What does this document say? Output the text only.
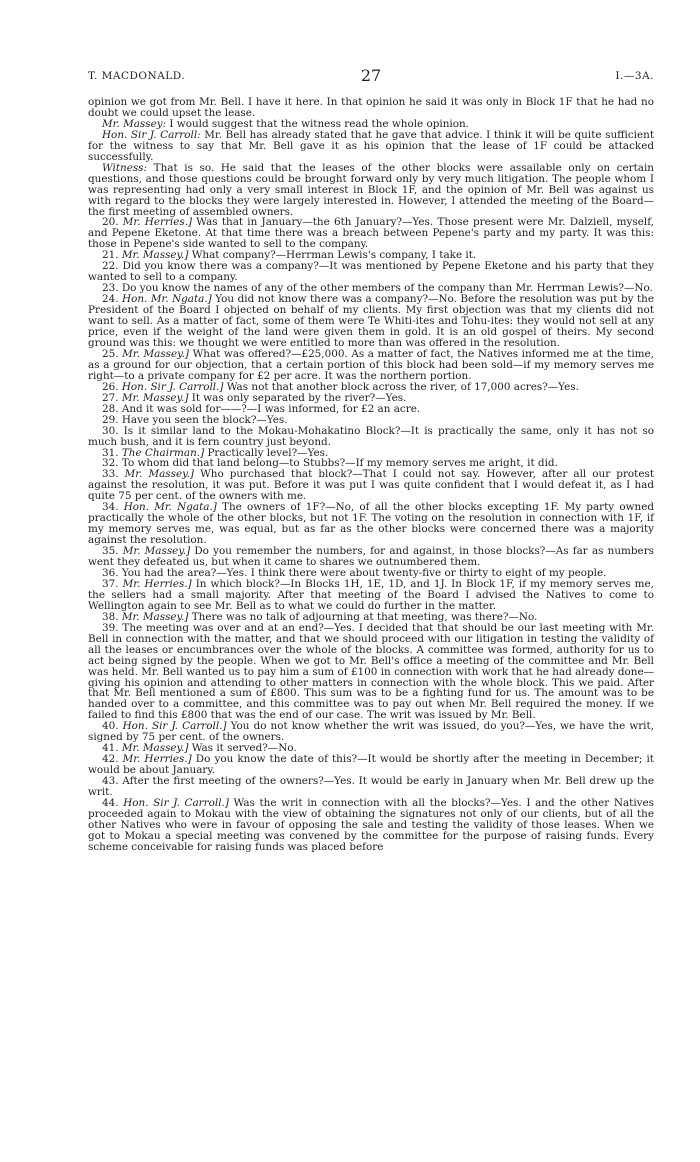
T. MACDONALD.	27	I.—3A.

opinion we got from Mr. Bell. I have it here. In that opinion he said it was only in Block 1F that he had no doubt we could upset the lease.

Mr. Massey: I would suggest that the witness read the whole opinion.

Hon. Sir J. Carroll: Mr. Bell has already stated that he gave that advice. I think it will be quite sufficient for the witness to say that Mr. Bell gave it as his opinion that the lease of 1F could be attacked successfully.

Witness: That is so. He said that the leases of the other blocks were assailable only on certain questions, and those questions could be brought forward only by very much litigation. The people whom I was representing had only a very small interest in Block 1F, and the opinion of Mr. Bell was against us with regard to the blocks they were largely interested in. However, I attended the meeting of the Board—the first meeting of assembled owners.

20. Mr. Herries.] Was that in January—the 6th January?—Yes. Those present were Mr. Dalziell, myself, and Pepene Eketone. At that time there was a breach between Pepene's party and my party. It was this: those in Pepene's side wanted to sell to the company.

21. Mr. Massey.] What company?—Herrman Lewis's company, I take it.

22. Did you know there was a company?—It was mentioned by Pepene Eketone and his party that they wanted to sell to a company.

23. Do you know the names of any of the other members of the company than Mr. Herrman Lewis?—No.

24. Hon. Mr. Ngata.] You did not know there was a company?—No. Before the resolution was put by the President of the Board I objected on behalf of my clients. My first objection was that my clients did not want to sell. As a matter of fact, some of them were Te Whiti-ites and Tohu-ites: they would not sell at any price, even if the weight of the land were given them in gold. It is an old gospel of theirs. My second ground was this: we thought we were entitled to more than was offered in the resolution.

25. Mr. Massey.] What was offered?—£25,000. As a matter of fact, the Natives informed me at the time, as a ground for our objection, that a certain portion of this block had been sold—if my memory serves me right—to a private company for £2 per acre. It was the northern portion.

26. Hon. Sir J. Carroll.] Was not that another block across the river, of 17,000 acres?—Yes.

27. Mr. Massey.] It was only separated by the river?—Yes.

28. And it was sold for——?—I was informed, for £2 an acre.

29. Have you seen the block?—Yes.

30. Is it similar land to the Mokau-Mohakatino Block?—It is practically the same, only it has not so much bush, and it is fern country just beyond.

31. The Chairman.] Practically level?—Yes.

32. To whom did that land belong—to Stubbs?—If my memory serves me aright, it did.

33. Mr. Massey.] Who purchased that block?—That I could not say. However, after all our protest against the resolution, it was put. Before it was put I was quite confident that I would defeat it, as I had quite 75 per cent. of the owners with me.

34. Hon. Mr. Ngata.] The owners of 1F?—No, of all the other blocks excepting 1F. My party owned practically the whole of the other blocks, but not 1F. The voting on the resolution in connection with 1F, if my memory serves me, was equal, but as far as the other blocks were concerned there was a majority against the resolution.

35. Mr. Massey.] Do you remember the numbers, for and against, in those blocks?—As far as numbers went they defeated us, but when it came to shares we outnumbered them.

36. You had the area?—Yes. I think there were about twenty-five or thirty to eight of my people.

37. Mr. Herries.] In which block?—In Blocks 1H, 1E, 1D, and 1J. In Block 1F, if my memory serves me, the sellers had a small majority. After that meeting of the Board I advised the Natives to come to Wellington again to see Mr. Bell as to what we could do further in the matter.

38. Mr. Massey.] There was no talk of adjourning at that meeting, was there?—No.

39. The meeting was over and at an end?—Yes. I decided that that should be our last meeting with Mr. Bell in connection with the matter, and that we should proceed with our litigation in testing the validity of all the leases or encumbrances over the whole of the blocks. A committee was formed, authority for us to act being signed by the people. When we got to Mr. Bell's office a meeting of the committee and Mr. Bell was held. Mr. Bell wanted us to pay him a sum of £100 in connection with work that he had already done—giving his opinion and attending to other matters in connection with the whole block. This we paid. After that Mr. Bell mentioned a sum of £800. This sum was to be a fighting fund for us. The amount was to be handed over to a committee, and this committee was to pay out when Mr. Bell required the money. If we failed to find this £800 that was the end of our case. The writ was issued by Mr. Bell.

40. Hon. Sir J. Carroll.] You do not know whether the writ was issued, do you?—Yes, we have the writ, signed by 75 per cent. of the owners.

41. Mr. Massey.] Was it served?—No.

42. Mr. Herries.] Do you know the date of this?—It would be shortly after the meeting in December; it would be about January.

43. After the first meeting of the owners?—Yes. It would be early in January when Mr. Bell drew up the writ.

44. Hon. Sir J. Carroll.] Was the writ in connection with all the blocks?—Yes. I and the other Natives proceeded again to Mokau with the view of obtaining the signatures not only of our clients, but of all the other Natives who were in favour of opposing the sale and testing the validity of those leases. When we got to Mokau a special meeting was convened by the committee for the purpose of raising funds. Every scheme conceivable for raising funds was placed before
